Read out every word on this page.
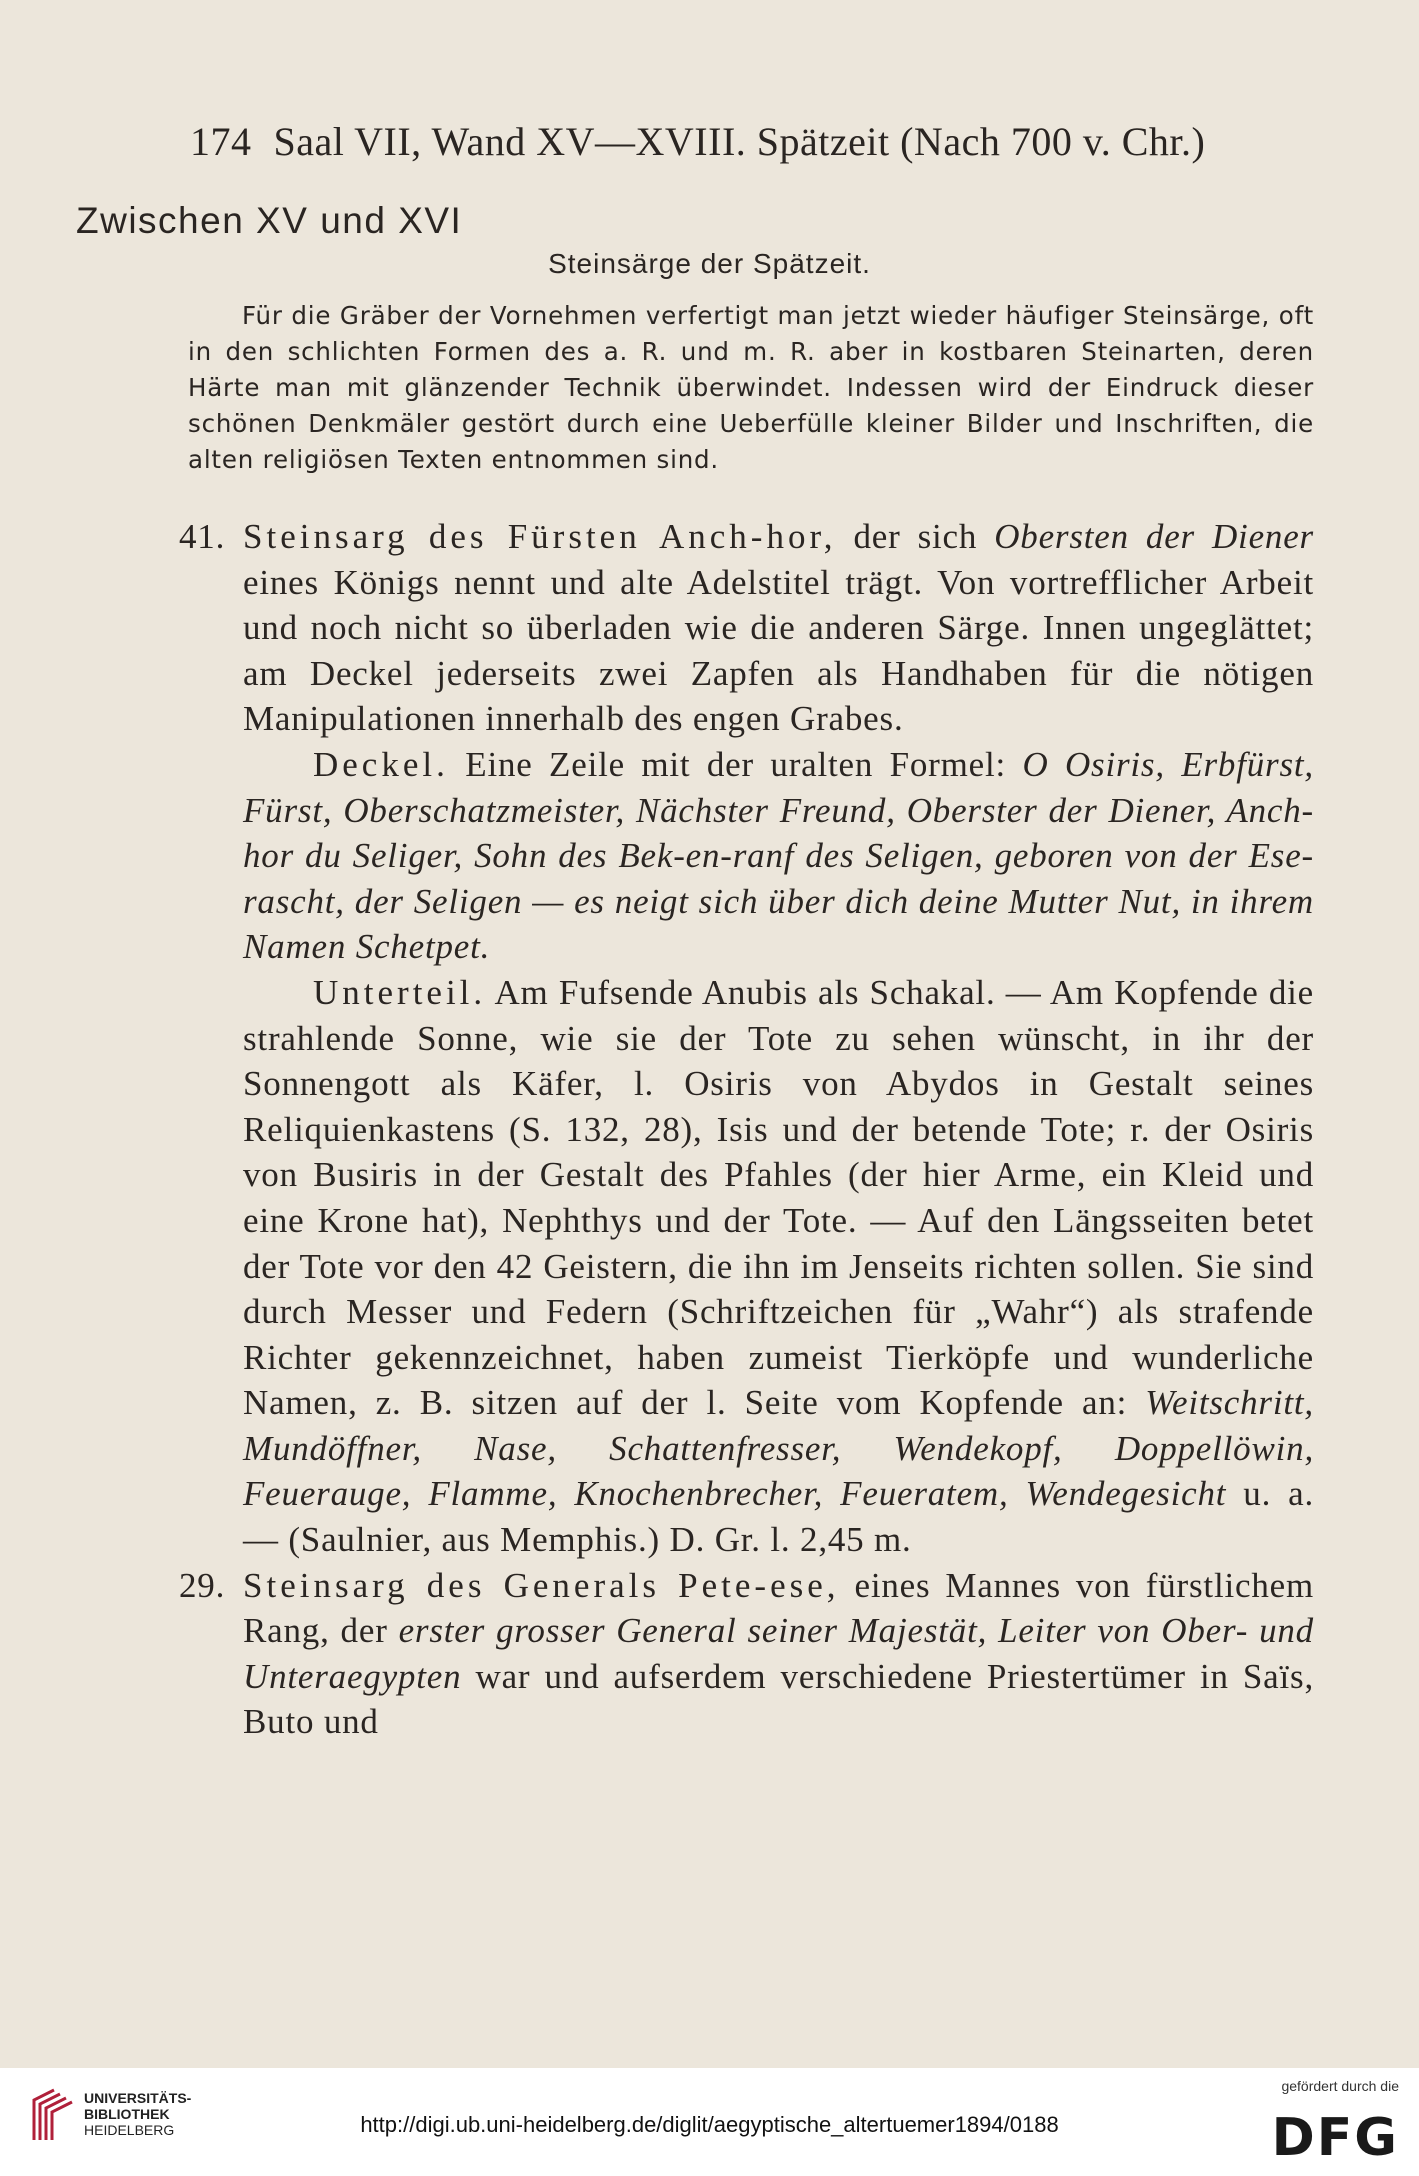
174 Saal VII, Wand XV—XVIII. Spätzeit (Nach 700 v. Chr.)
Zwischen XV und XVI
Steinsärge der Spätzeit.
Für die Gräber der Vornehmen verfertigt man jetzt wieder häufiger Steinsärge, oft in den schlichten Formen des a. R. und m. R. aber in kostbaren Steinarten, deren Härte man mit glänzender Technik überwindet. Indessen wird der Eindruck dieser schönen Denkmäler gestört durch eine Ueberfülle kleiner Bilder und Inschriften, die alten religiösen Texten entnommen sind.

41. Steinsarg des Fürsten Anch-hor, der sich Obersten der Diener eines Königs nennt und alte Adelstitel trägt. Von vortrefflicher Arbeit und noch nicht so überladen wie die anderen Särge. Innen ungeglättet; am Deckel jederseits zwei Zapfen als Handhaben für die nötigen Manipulationen innerhalb des engen Grabes.

Deckel. Eine Zeile mit der uralten Formel: O Osiris, Erbfürst, Fürst, Oberschatzmeister, Nächster Freund, Oberster der Diener, Anch-hor du Seliger, Sohn des Bek-en-ranf des Seligen, geboren von der Ese-rascht, der Seligen — es neigt sich über dich deine Mutter Nut, in ihrem Namen Schetpet.

Unterteil. Am Fufsende Anubis als Schakal. — Am Kopfende die strahlende Sonne, wie sie der Tote zu sehen wünscht, in ihr der Sonnengott als Käfer, l. Osiris von Abydos in Gestalt seines Reliquienkastens (S. 132, 28), Isis und der betende Tote; r. der Osiris von Busiris in der Gestalt des Pfahles (der hier Arme, ein Kleid und eine Krone hat), Nephthys und der Tote. — Auf den Längsseiten betet der Tote vor den 42 Geistern, die ihn im Jenseits richten sollen. Sie sind durch Messer und Federn (Schriftzeichen für „Wahr“) als strafende Richter gekennzeichnet, haben zumeist Tierköpfe und wunderliche Namen, z. B. sitzen auf der l. Seite vom Kopfende an: Weitschritt, Mundöffner, Nase, Schattenfresser, Wendekopf, Doppellöwin, Feuerauge, Flamme, Knochenbrecher, Feueratem, Wendegesicht u. a. — (Saulnier, aus Memphis.) D. Gr. l. 2,45 m.

29. Steinsarg des Generals Pete-ese, eines Mannes von fürstlichem Rang, der erster grosser General seiner Majestät, Leiter von Ober- und Unteraegypten war und aufserdem verschiedene Priestertümer in Saïs, Buto und

UNIVERSITÄTS-
BIBLIOTHEK
HEIDELBERG	http://digi.ub.uni-heidelberg.de/diglit/aegyptische_altertuemer1894/0188
gefördert durch die
DFG
